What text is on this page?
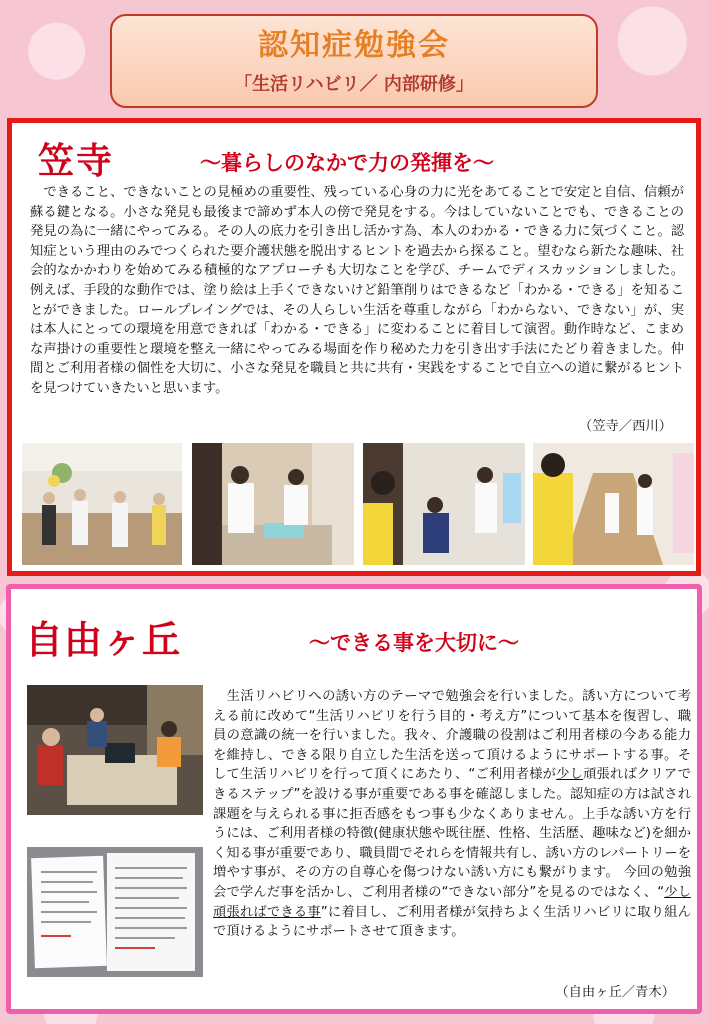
認知症勉強会
「生活リハビリ／ 内部研修」
笠寺	～暮らしのなかで力の発揮を～
　できること、できないことの見極めの重要性、残っている心身の力に光をあてることで安定と自信、信頼が蘇る鍵となる。小さな発見も最後まで諦めず本人の傍で発見をする。今はしていないことでも、できることの発見の為に一緒にやってみる。その人の底力を引き出し活かす為、本人のわかる・できる力に気づくこと。認知症という理由のみでつくられた要介護状態を脱出するヒントを過去から探ること。望むなら新たな趣味、社会的なかかわりを始めてみる積極的なアプローチも大切なことを学び、チームでディスカッションしました。例えば、手段的な動作では、塗り絵は上手くできないけど鉛筆削りはできるなど「わかる・できる」を知ることができました。ロールプレイングでは、その人らしい生活を尊重しながら「わからない、できない」が、実は本人にとっての環境を用意できれば「わかる・できる」に変わることに着目して演習。動作時など、こまめな声掛けの重要性と環境を整え一緒にやってみる場面を作り秘めた力を引き出す手法にたどり着きました。仲間とご利用者様の個性を大切に、小さな発見を職員と共に共有・実践をすることで自立への道に繋がるヒントを見つけていきたいと思います。
（笠寺／西川）
自由ヶ丘	～できる事を大切に～
　生活リハビリへの誘い方のテーマで勉強会を行いました。誘い方について考える前に改めて“生活リハビリを行う目的・考え方”について基本を復習し、職員の意識の統一を行いました。我々、介護職の役割はご利用者様の今ある能力を維持し、できる限り自立した生活を送って頂けるようにサポートする事。そして生活リハビリを行って頂くにあたり、“ご利用者様が少し頑張ればクリアできるステップ”を設ける事が重要である事を確認しました。認知症の方は試され課題を与えられる事に拒否感をもつ事も少なくありません。上手な誘い方を行うには、ご利用者様の特徴(健康状態や既往歴、性格、生活歴、趣味など)を細かく知る事が重要であり、職員間でそれらを情報共有し、誘い方のレパートリーを増やす事が、その方の自尊心を傷つけない誘い方にも繋がります。 今回の勉強会で学んだ事を活かし、ご利用者様の“できない部分”を見るのではなく、“少し頑張ればできる事”に着目し、ご利用者様が気持ちよく生活リハビリに取り組んで頂けるようにサポートさせて頂きます。
（自由ヶ丘／青木）
